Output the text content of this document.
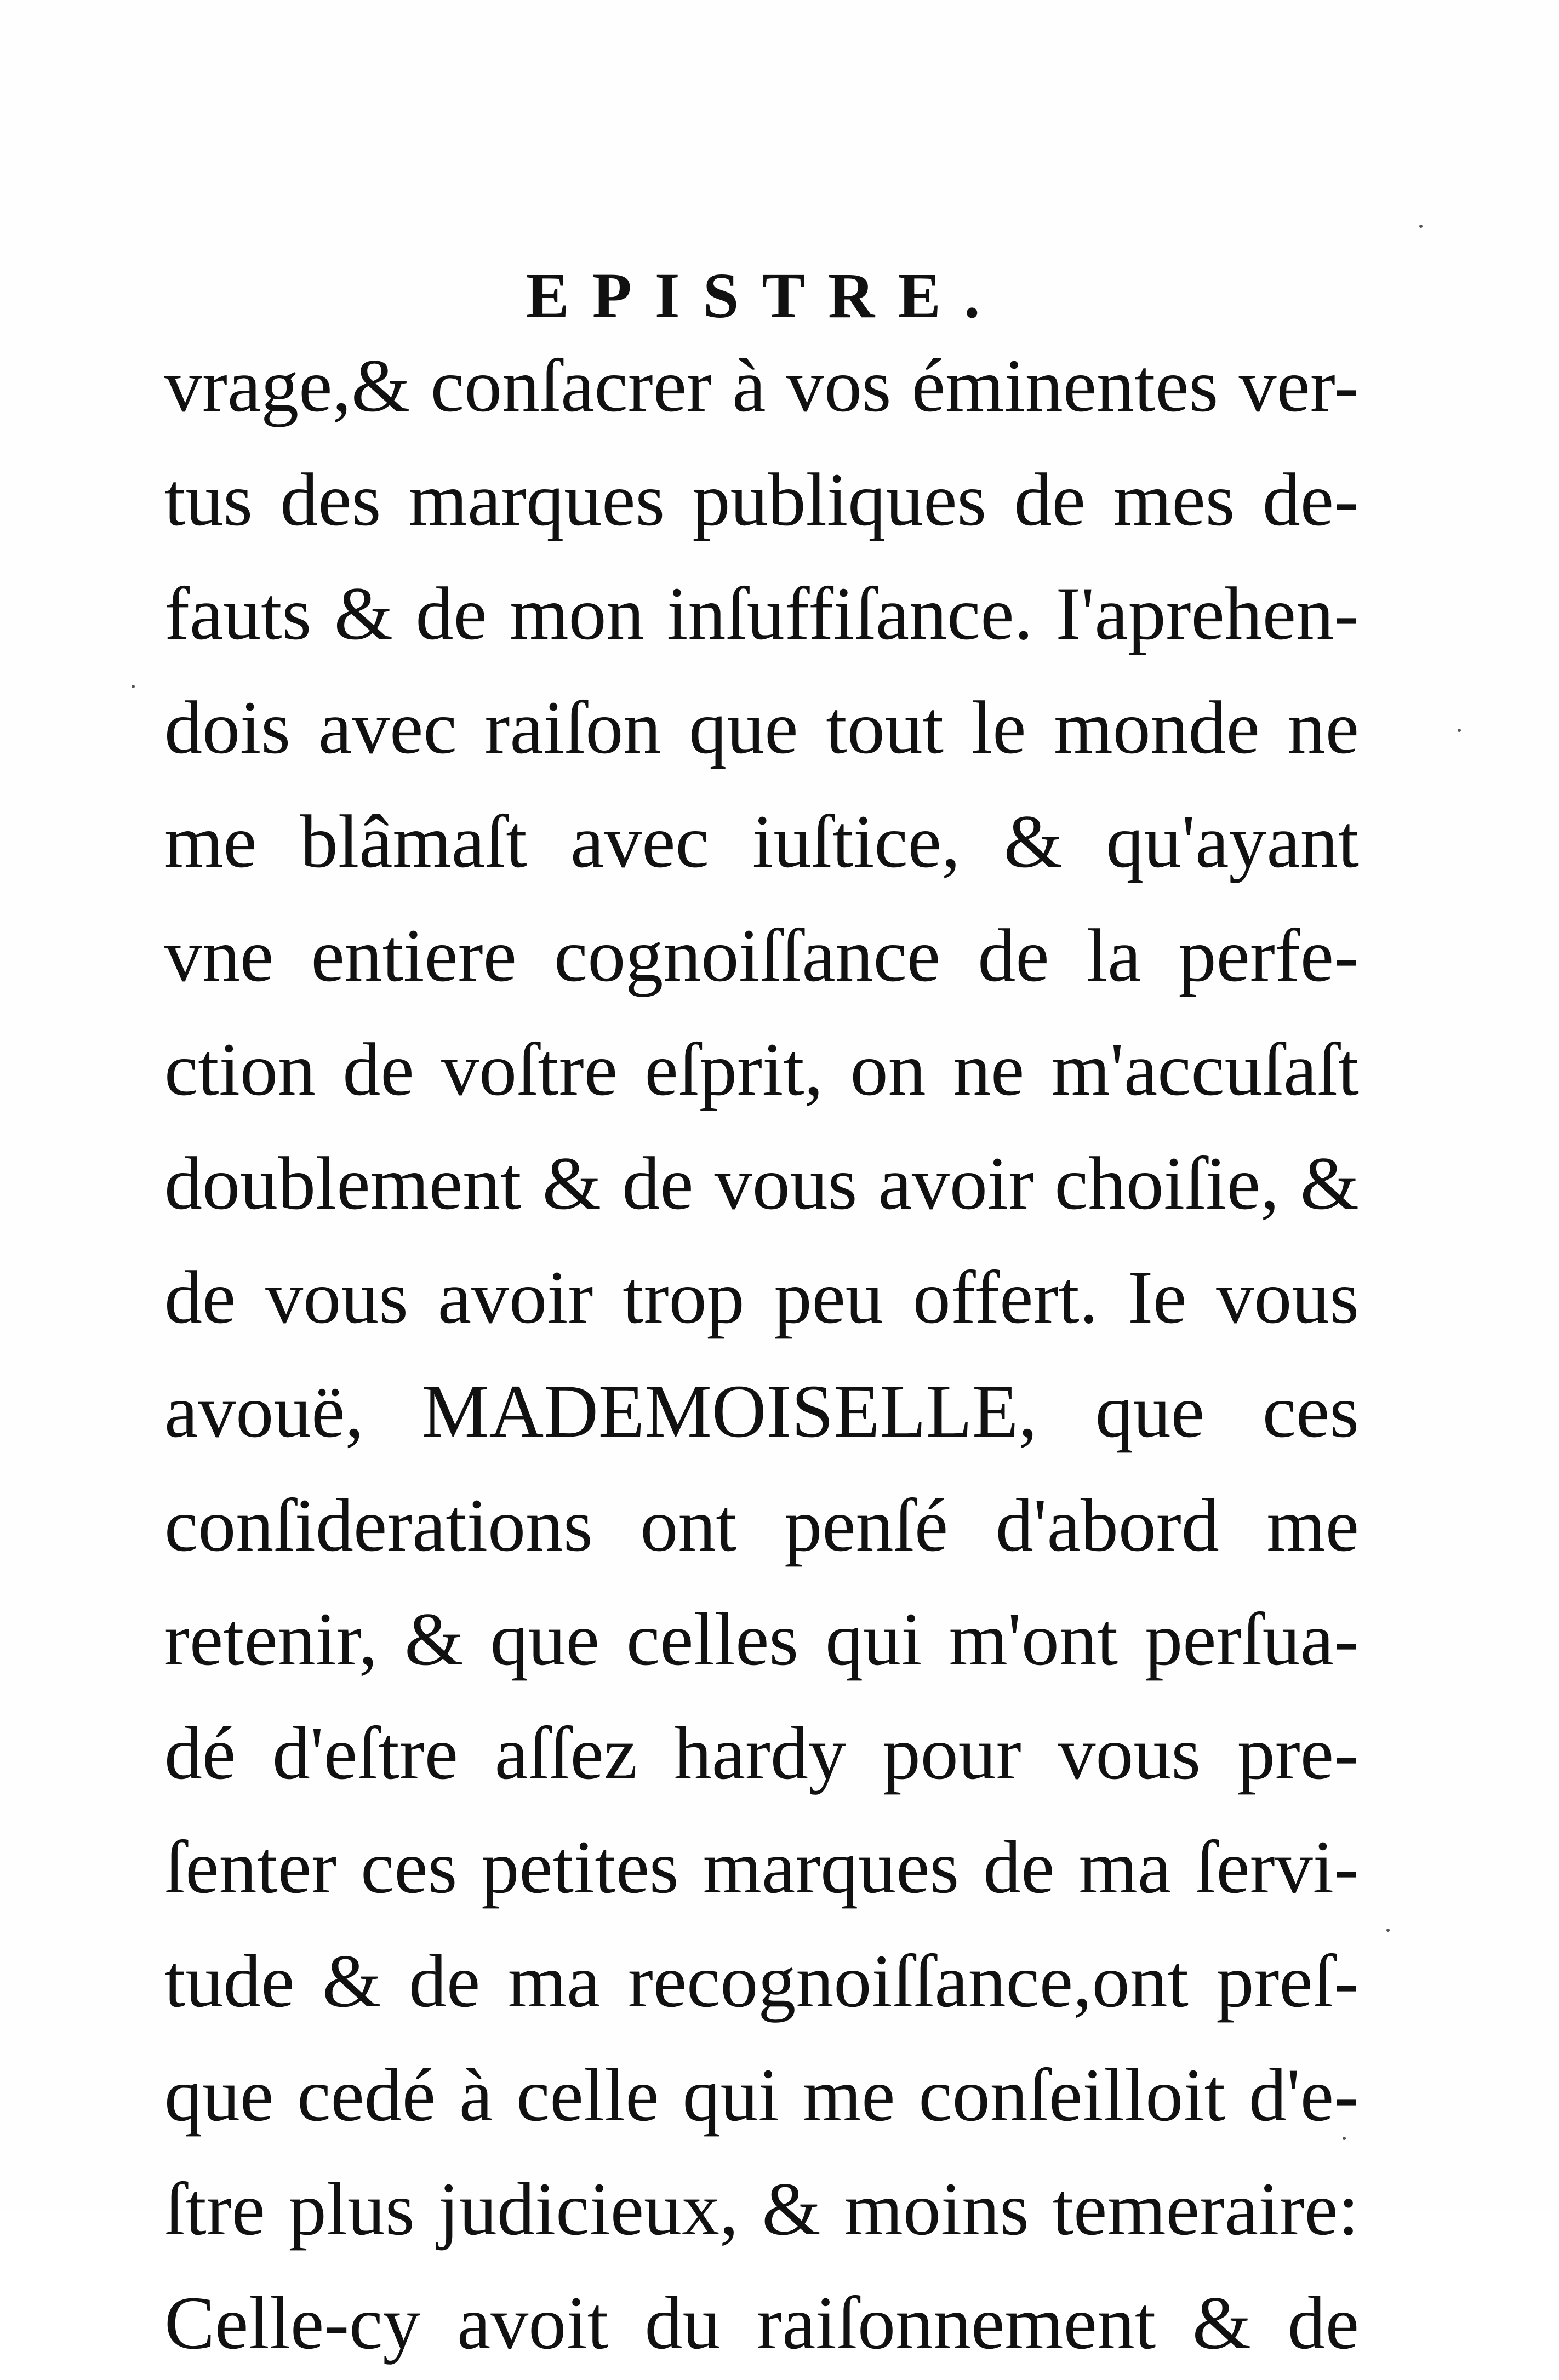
EPISTRE.
vrage,& conſacrer à vos éminentes ver-
tus des marques publiques de mes de-
fauts & de mon inſuffiſance. I'aprehen-
dois avec raiſon que tout le monde ne
me blâmaſt avec iuſtice, & qu'ayant
vne entiere cognoiſſance de la perfe-
ction de voſtre eſprit, on ne m'accuſaſt
doublement & de vous avoir choiſie, &
de vous avoir trop peu offert. Ie vous
avouë, MADEMOISELLE, que ces
conſiderations ont penſé d'abord me
retenir, & que celles qui m'ont perſua-
dé d'eſtre aſſez hardy pour vous pre-
ſenter ces petites marques de ma ſervi-
tude & de ma recognoiſſance,ont preſ-
que cedé à celle qui me conſeilloit d'e-
ſtre plus judicieux, & moins temeraire:
Celle-cy avoit du raiſonnement & de
